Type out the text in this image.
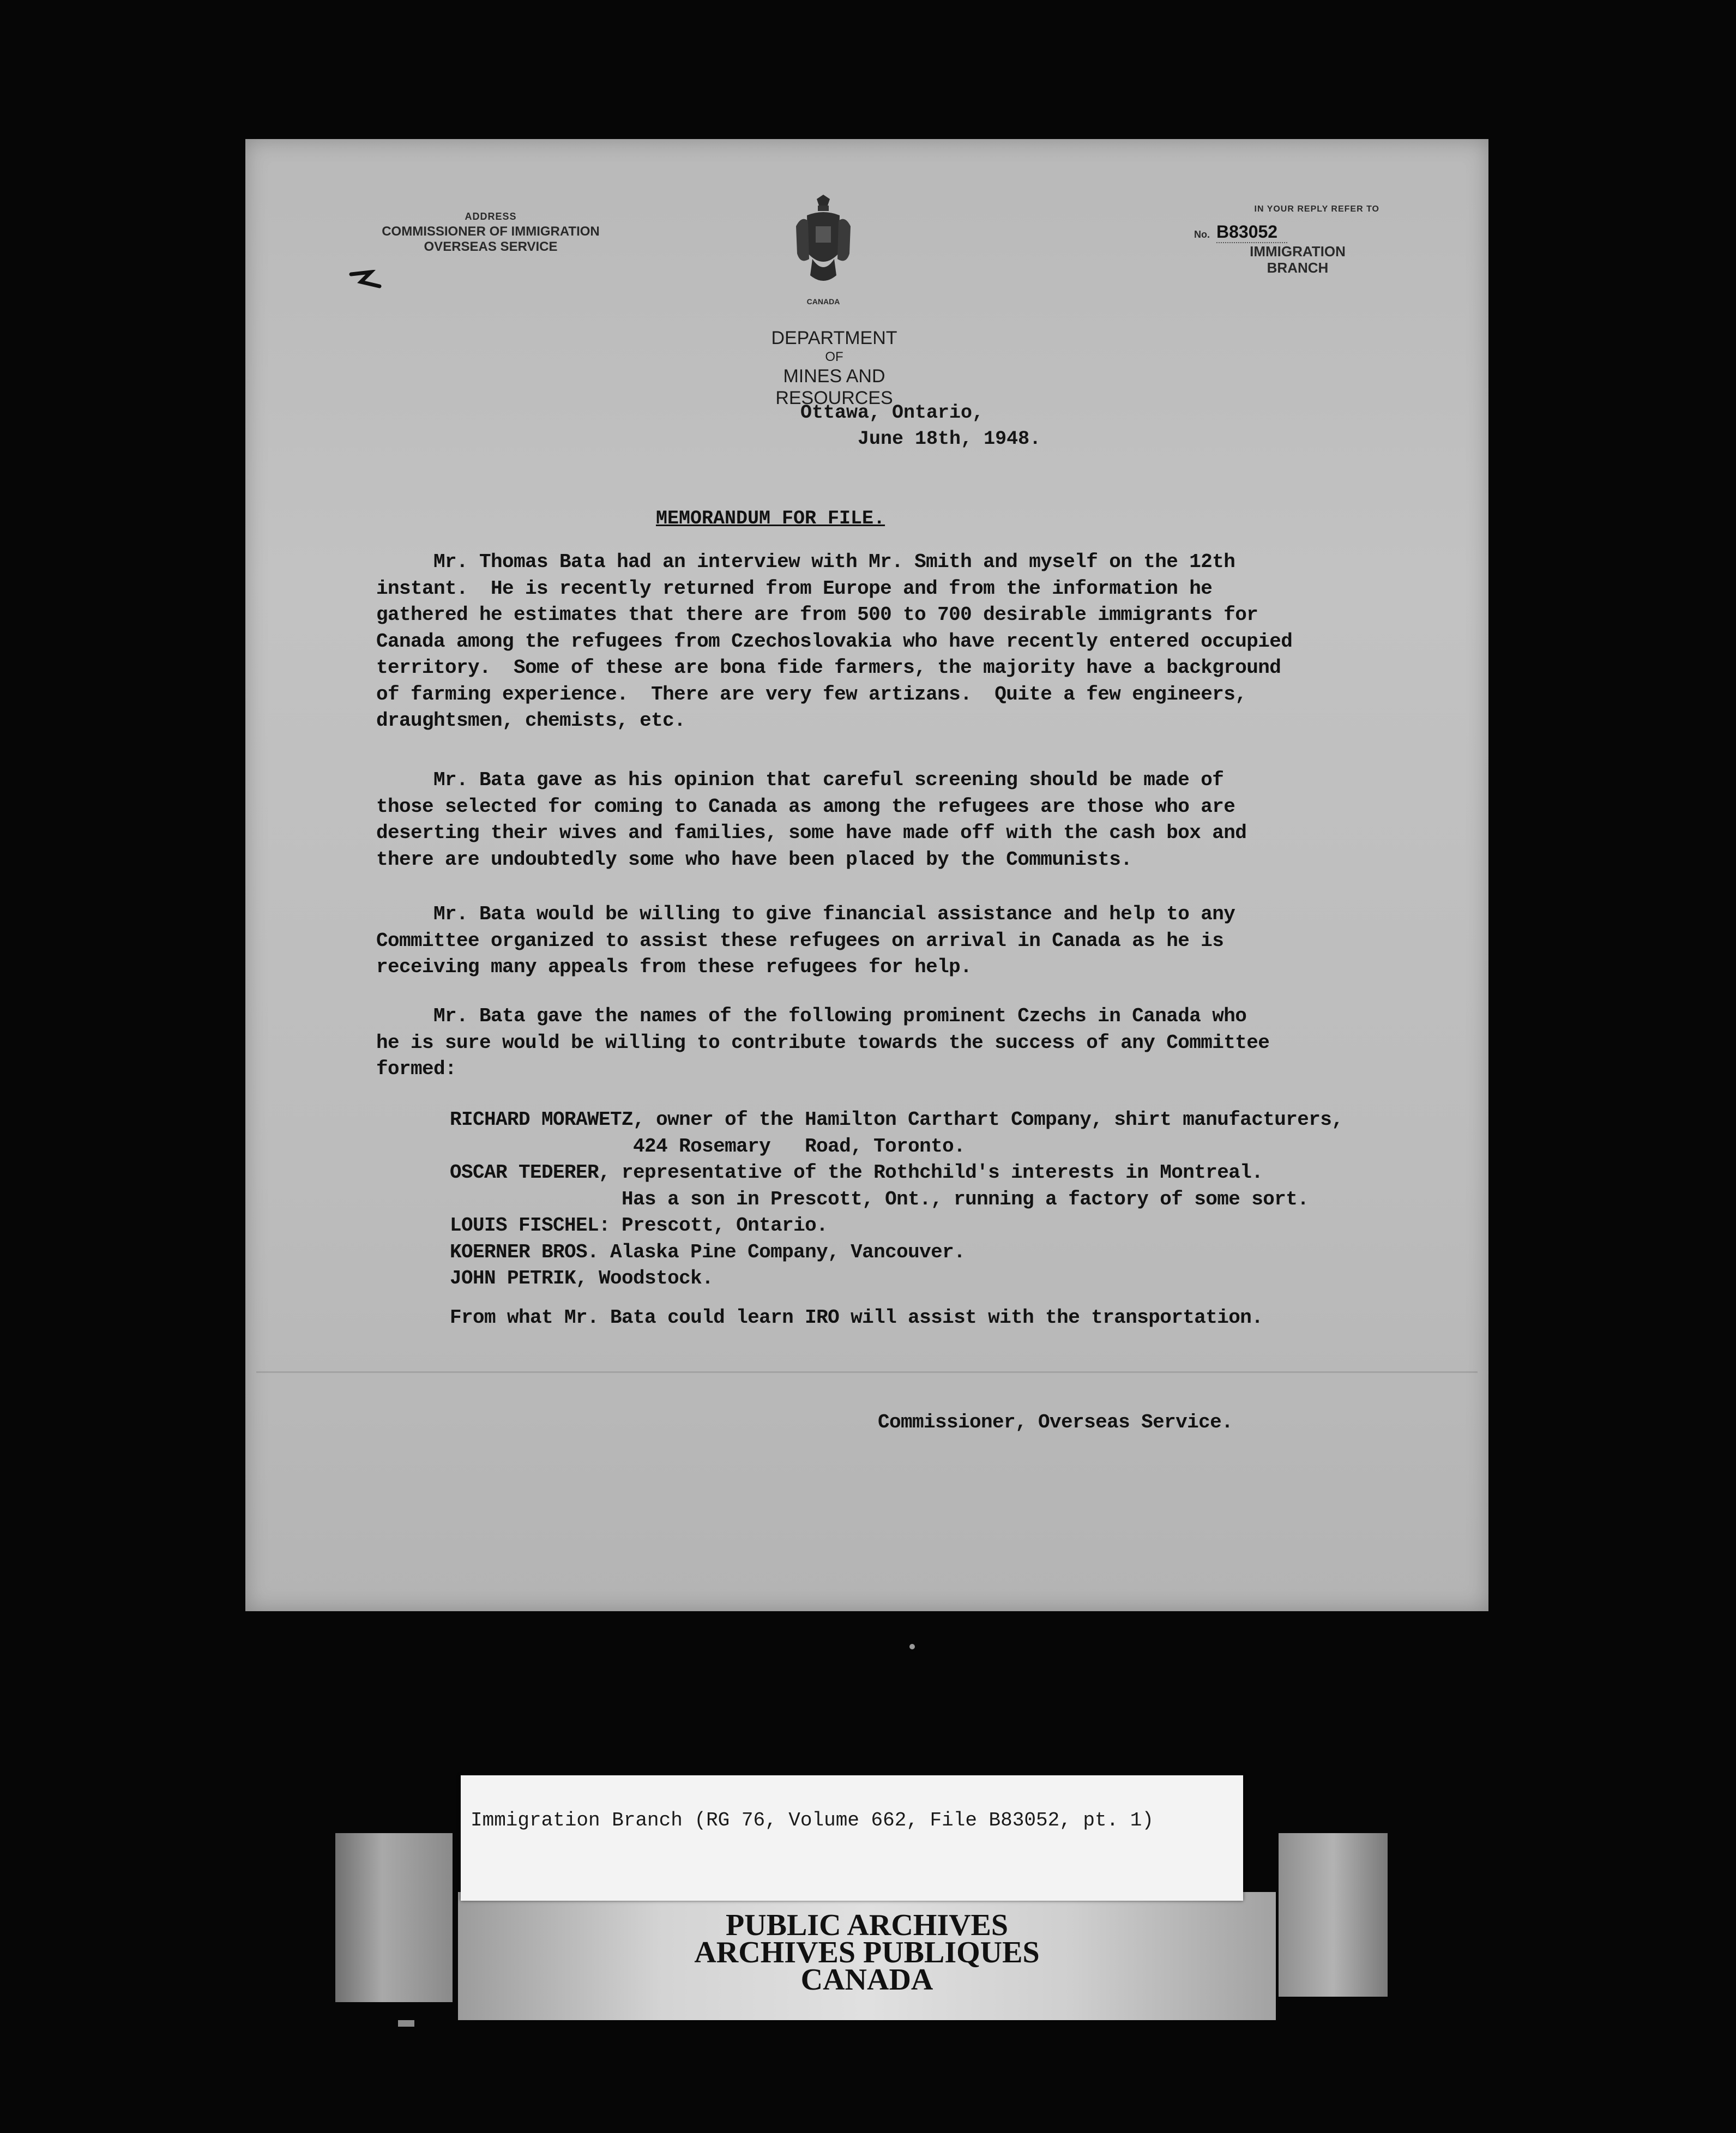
ADDRESS
COMMISSIONER OF IMMIGRATION
OVERSEAS SERVICE
CANADA
DEPARTMENT
OF
MINES AND RESOURCES
Ottawa, Ontario,
June 18th, 1948.
IN YOUR REPLY REFER TO
No. B83052
IMMIGRATION
BRANCH
MEMORANDUM FOR FILE.
Mr. Thomas Bata had an interview with Mr. Smith and myself on the 12th
instant.  He is recently returned from Europe and from the information he
gathered he estimates that there are from 500 to 700 desirable immigrants for
Canada among the refugees from Czechoslovakia who have recently entered occupied
territory.  Some of these are bona fide farmers, the majority have a background
of farming experience.  There are very few artizans.  Quite a few engineers,
draughtsmen, chemists, etc.
Mr. Bata gave as his opinion that careful screening should be made of
those selected for coming to Canada as among the refugees are those who are
deserting their wives and families, some have made off with the cash box and
there are undoubtedly some who have been placed by the Communists.
Mr. Bata would be willing to give financial assistance and help to any
Committee organized to assist these refugees on arrival in Canada as he is
receiving many appeals from these refugees for help.
Mr. Bata gave the names of the following prominent Czechs in Canada who
he is sure would be willing to contribute towards the success of any Committee
formed:
RICHARD MORAWETZ, owner of the Hamilton Carthart Company, shirt manufacturers,
424 Rosemary   Road, Toronto.
OSCAR TEDERER, representative of the Rothchild's interests in Montreal.
Has a son in Prescott, Ont., running a factory of some sort.
LOUIS FISCHEL: Prescott, Ontario.
KOERNER BROS. Alaska Pine Company, Vancouver.
JOHN PETRIK, Woodstock.
From what Mr. Bata could learn IRO will assist with the transportation.
Commissioner, Overseas Service.
PUBLIC ARCHIVES
ARCHIVES PUBLIQUES
CANADA
Immigration Branch (RG 76, Volume 662, File B83052, pt. 1)
